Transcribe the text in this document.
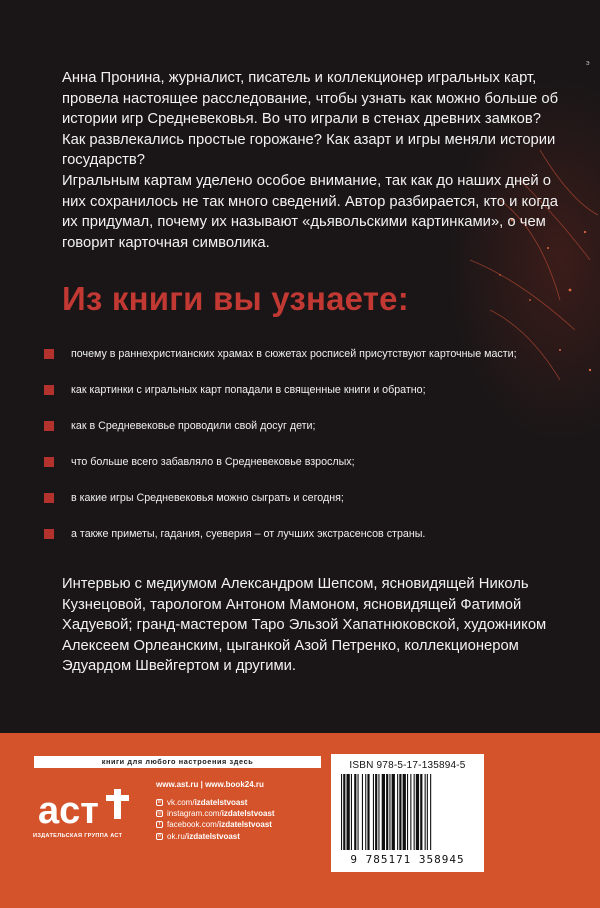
э

Анна Пронина, журналист, писатель и коллекционер игральных карт, провела настоящее расследование, чтобы узнать как можно больше об истории игр Средневековья. Во что играли в стенах древних замков? Как развлекались простые горожане? Как азарт и игры меняли истории государств?

Игральным картам уделено особое внимание, так как до наших дней о них сохранилось не так много сведений. Автор разбирается, кто и когда их придумал, почему их называют «дьявольскими картинками», о чем говорит карточная символика.

Из книги вы узнаете:
почему в раннехристианских храмах в сюжетах росписей присутствуют карточные масти;
как картинки с игральных карт попадали в священные книги и обратно;
как в Средневековье проводили свой досуг дети;
что больше всего забавляло в Средневековье взрослых;
в какие игры Средневековья можно сыграть и сегодня;
а также приметы, гадания, суеверия – от лучших экстрасенсов страны.
Интервью с медиумом Александром Шепсом, ясновидящей Николь Кузнецовой, тарологом Антоном Мамоном, ясновидящей Фатимой Хадуевой; гранд-мастером Таро Эльзой Хапатнюковской, художником Алексеем Орлеанским, цыганкой Азой Петренко, коллекционером Эдуардом Швейгертом и другими.
книги для любого настроения здесь
аст
ИЗДАТЕЛЬСКАЯ ГРУППА АСТ
www.ast.ru | www.book24.ru
в vk.com/ izdatelstvoast
◎ instagram.com/ izdatelstvoast
f facebook.com/ izdatelstvoast
о ok.ru/ izdatelstvoast
ISBN 978-5-17-135894-5
9 785171 358945
